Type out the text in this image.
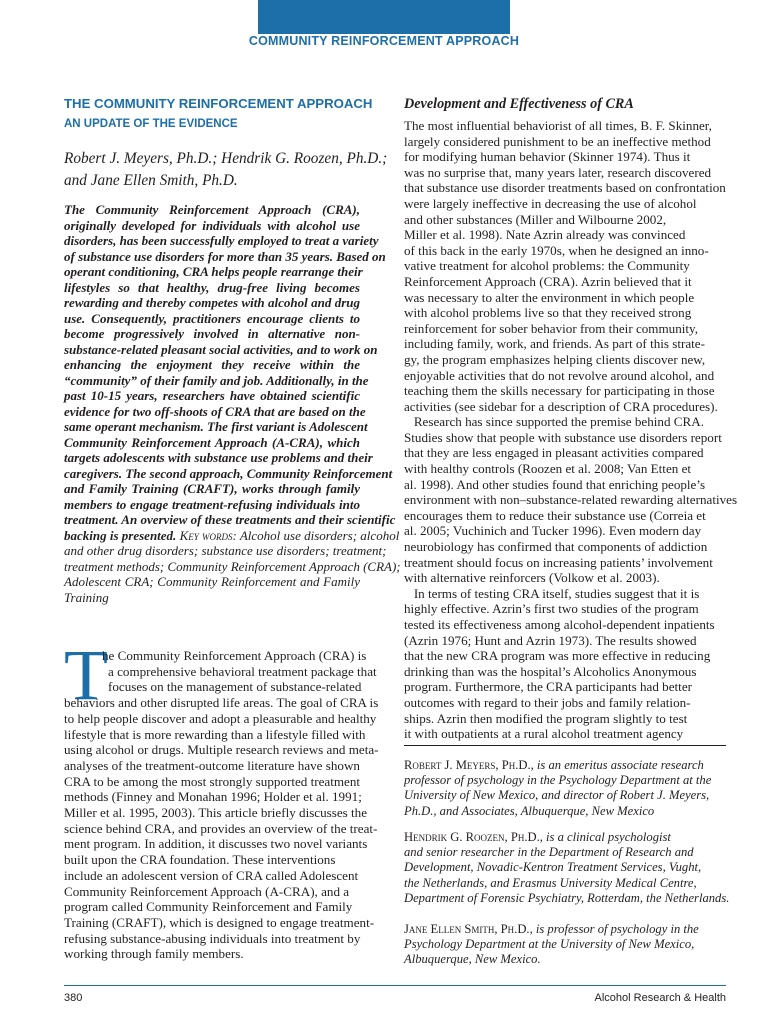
COMMUNITY REINFORCEMENT APPROACH
THE COMMUNITY REINFORCEMENT APPROACH
AN UPDATE OF THE EVIDENCE
Robert J. Meyers, Ph.D.; Hendrik G. Roozen, Ph.D.;
and Jane Ellen Smith, Ph.D.
The Community Reinforcement Approach (CRA),
originally developed for individuals with alcohol use
disorders, has been successfully employed to treat a variety
of substance use disorders for more than 35 years. Based on
operant conditioning, CRA helps people rearrange their
lifestyles so that healthy, drug-free living becomes
rewarding and thereby competes with alcohol and drug
use. Consequently, practitioners encourage clients to
become progressively involved in alternative non-
substance-related pleasant social activities, and to work on
enhancing the enjoyment they receive within the
“community” of their family and job. Additionally, in the
past 10-15 years, researchers have obtained scientific
evidence for two off-shoots of CRA that are based on the
same operant mechanism. The first variant is Adolescent
Community Reinforcement Approach (A-CRA), which
targets adolescents with substance use problems and their
caregivers. The second approach, Community Reinforcement
and Family Training (CRAFT), works through family
members to engage treatment-refusing individuals into
treatment. An overview of these treatments and their scientific
backing is presented. Key words: Alcohol use disorders; alcohol
and other drug disorders; substance use disorders; treatment;
treatment methods; Community Reinforcement Approach (CRA);
Adolescent CRA; Community Reinforcement and Family
Training
T
he Community Reinforcement Approach (CRA) is
a comprehensive behavioral treatment package that
focuses on the management of substance-related
behaviors and other disrupted life areas. The goal of CRA is
to help people discover and adopt a pleasurable and healthy
lifestyle that is more rewarding than a lifestyle filled with
using alcohol or drugs. Multiple research reviews and meta-
analyses of the treatment-outcome literature have shown
CRA to be among the most strongly supported treatment
methods (Finney and Monahan 1996; Holder et al. 1991;
Miller et al. 1995, 2003). This article briefly discusses the
science behind CRA, and provides an overview of the treat-
ment program. In addition, it discusses two novel variants
built upon the CRA foundation. These interventions
include an adolescent version of CRA called Adolescent
Community Reinforcement Approach (A-CRA), and a
program called Community Reinforcement and Family
Training (CRAFT), which is designed to engage treatment-
refusing substance-abusing individuals into treatment by
working through family members.
Development and Effectiveness of CRA
The most influential behaviorist of all times, B. F. Skinner,
largely considered punishment to be an ineffective method
for modifying human behavior (Skinner 1974). Thus it
was no surprise that, many years later, research discovered
that substance use disorder treatments based on confrontation
were largely ineffective in decreasing the use of alcohol
and other substances (Miller and Wilbourne 2002,
Miller et al. 1998). Nate Azrin already was convinced
of this back in the early 1970s, when he designed an inno-
vative treatment for alcohol problems: the Community
Reinforcement Approach (CRA). Azrin believed that it
was necessary to alter the environment in which people
with alcohol problems live so that they received strong
reinforcement for sober behavior from their community,
including family, work, and friends. As part of this strate-
gy, the program emphasizes helping clients discover new,
enjoyable activities that do not revolve around alcohol, and
teaching them the skills necessary for participating in those
activities (see sidebar for a description of CRA procedures).
Research has since supported the premise behind CRA.
Studies show that people with substance use disorders report
that they are less engaged in pleasant activities compared
with healthy controls (Roozen et al. 2008; Van Etten et
al. 1998). And other studies found that enriching people’s
environment with non–substance-related rewarding alternatives
encourages them to reduce their substance use (Correia et
al. 2005; Vuchinich and Tucker 1996). Even modern day
neurobiology has confirmed that components of addiction
treatment should focus on increasing patients’ involvement
with alternative reinforcers (Volkow et al. 2003).
In terms of testing CRA itself, studies suggest that it is
highly effective. Azrin’s first two studies of the program
tested its effectiveness among alcohol-dependent inpatients
(Azrin 1976; Hunt and Azrin 1973). The results showed
that the new CRA program was more effective in reducing
drinking than was the hospital’s Alcoholics Anonymous
program. Furthermore, the CRA participants had better
outcomes with regard to their jobs and family relation-
ships. Azrin then modified the program slightly to test
it with outpatients at a rural alcohol treatment agency
Robert J. Meyers, Ph.D., is an emeritus associate research
professor of psychology in the Psychology Department at the
University of New Mexico, and director of Robert J. Meyers,
Ph.D., and Associates, Albuquerque, New Mexico
Hendrik G. Roozen, Ph.D., is a clinical psychologist
and senior researcher in the Department of Research and
Development, Novadic-Kentron Treatment Services, Vught,
the Netherlands, and Erasmus University Medical Centre,
Department of Forensic Psychiatry, Rotterdam, the Netherlands.
Jane Ellen Smith, Ph.D., is professor of psychology in the
Psychology Department at the University of New Mexico,
Albuquerque, New Mexico.
380	Alcohol Research & Health
